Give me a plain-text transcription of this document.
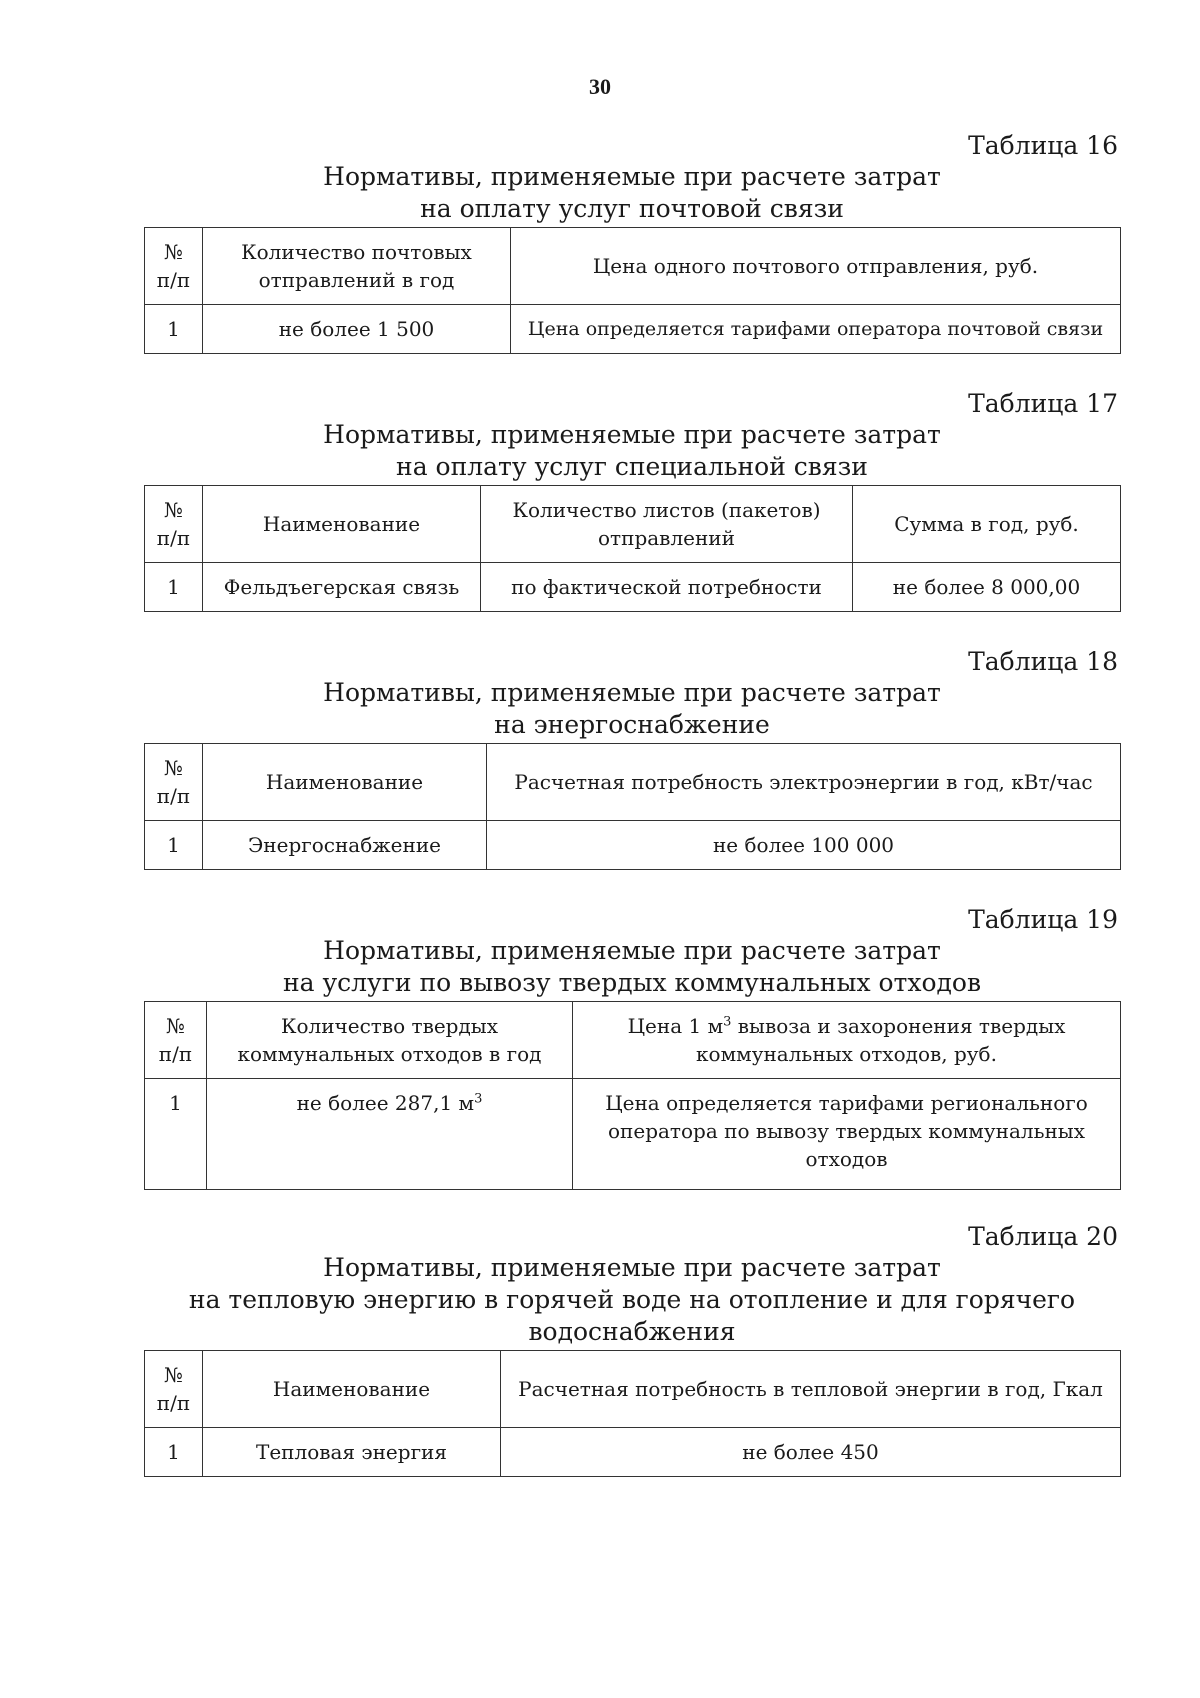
30
Таблица 16
Нормативы, применяемые при расчете затрат
на оплату услуг почтовой связи
№ п/п	Количество почтовых отправлений в год	Цена одного почтового отправления, руб.
1	не более 1 500	Цена определяется тарифами оператора почтовой связи
Таблица 17
Нормативы, применяемые при расчете затрат
на оплату услуг специальной связи
№ п/п	Наименование	Количество листов (пакетов) отправлений	Сумма в год, руб.
1	Фельдъегерская связь	по фактической потребности	не более 8 000,00
Таблица 18
Нормативы, применяемые при расчете затрат
на энергоснабжение
№ п/п	Наименование	Расчетная потребность электроэнергии в год, кВт/час
1	Энергоснабжение	не более 100 000
Таблица 19
Нормативы, применяемые при расчете затрат
на услуги по вывозу твердых коммунальных отходов
№ п/п	Количество твердых коммунальных отходов в год	Цена 1 $м^3$ вывоза и захоронения твердых коммунальных отходов, руб.
1	не более 287,1 $м^3$	Цена определяется тарифами регионального оператора по вывозу твердых коммунальных отходов
Таблица 20
Нормативы, применяемые при расчете затрат
на тепловую энергию в горячей воде на отопление и для горячего
водоснабжения
№ п/п	Наименование	Расчетная потребность в тепловой энергии в год, Гкал
1	Тепловая энергия	не более 450
